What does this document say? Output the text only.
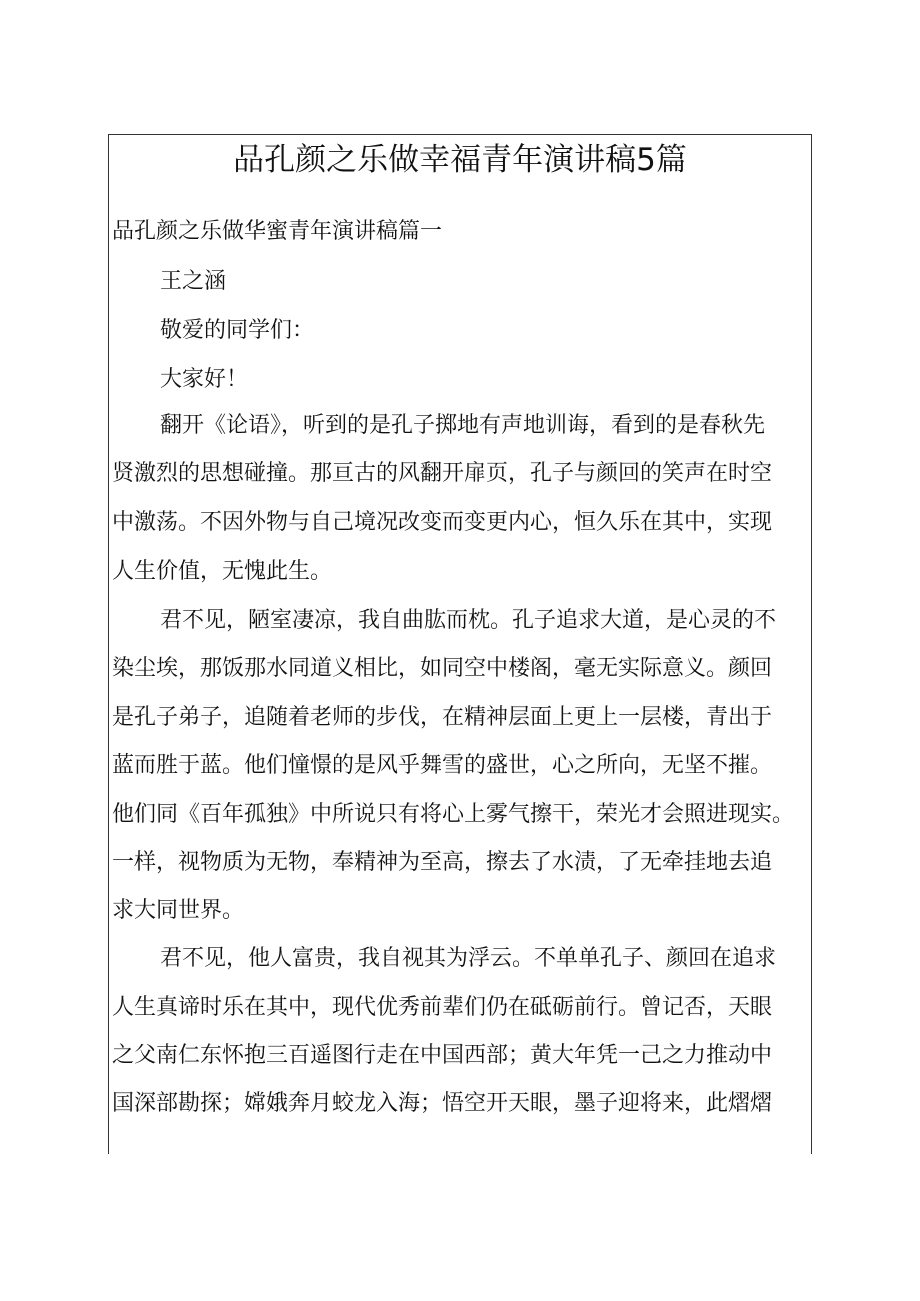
品孔颜之乐做幸福青年演讲稿5篇
品孔颜之乐做华蜜青年演讲稿篇一
王之涵
敬爱的同学们：
大家好！
翻开《论语》，听到的是孔子掷地有声地训诲，看到的是春秋先
贤激烈的思想碰撞。那亘古的风翻开扉页，孔子与颜回的笑声在时空
中激荡。不因外物与自己境况改变而变更内心，恒久乐在其中，实现
人生价值，无愧此生。
君不见，陋室凄凉，我自曲肱而枕。孔子追求大道，是心灵的不
染尘埃，那饭那水同道义相比，如同空中楼阁，毫无实际意义。颜回
是孔子弟子，追随着老师的步伐，在精神层面上更上一层楼，青出于
蓝而胜于蓝。他们憧憬的是风乎舞雪的盛世，心之所向，无坚不摧。
他们同《百年孤独》中所说只有将心上雾气擦干，荣光才会照进现实。
一样，视物质为无物，奉精神为至高，擦去了水渍，了无牵挂地去追
求大同世界。
君不见，他人富贵，我自视其为浮云。不单单孔子、颜回在追求
人生真谛时乐在其中，现代优秀前辈们仍在砥砺前行。曾记否，天眼
之父南仁东怀抱三百遥图行走在中国西部；黄大年凭一己之力推动中
国深部勘探；嫦娥奔月蛟龙入海；悟空开天眼，墨子迎将来，此熠熠
